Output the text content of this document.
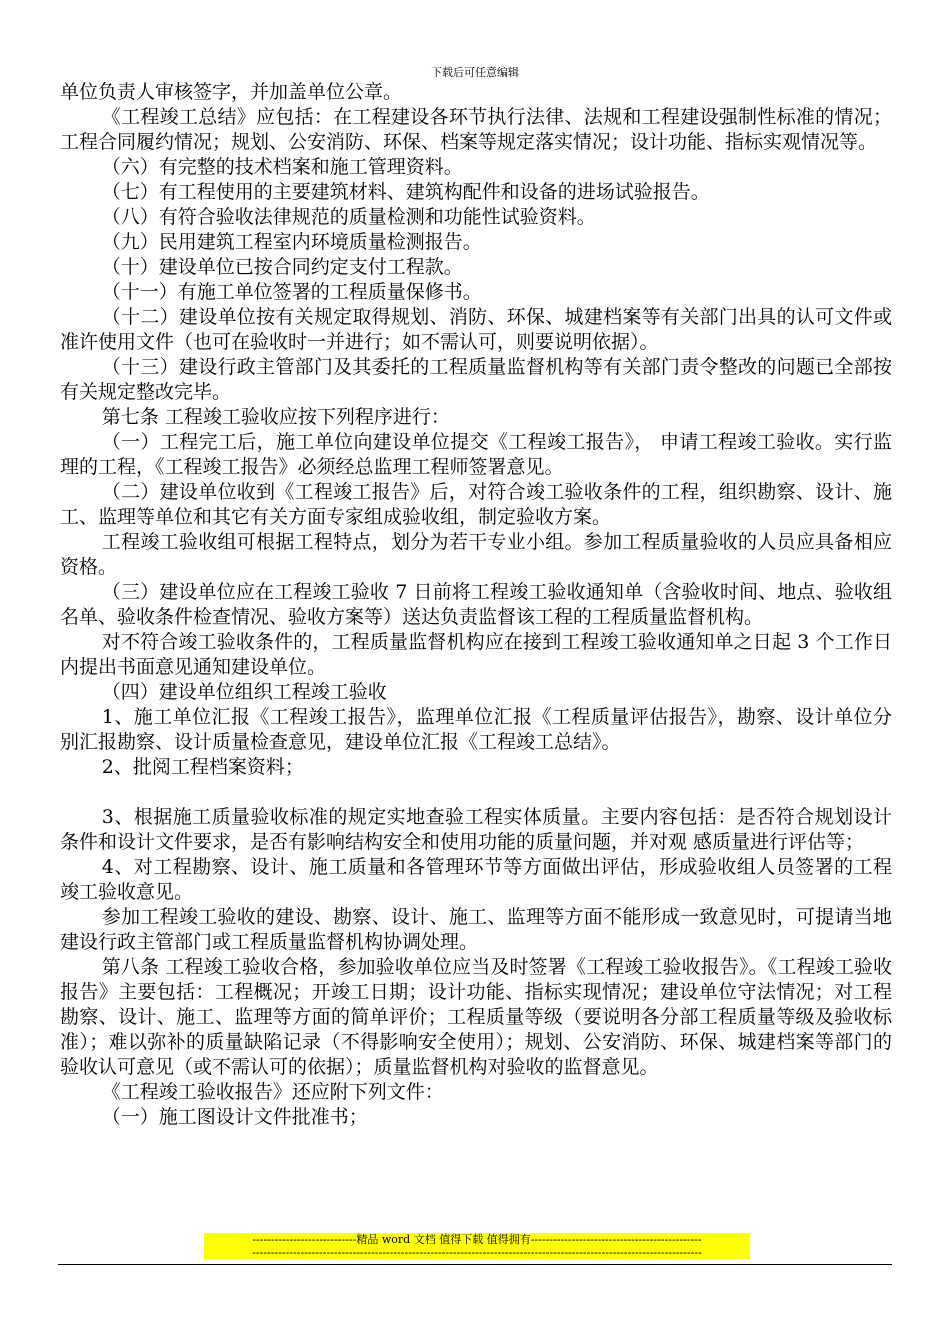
下载后可任意编辑

单位负责人审核签字，并加盖单位公章。

《工程竣工总结》应包括：在工程建设各环节执行法律、法规和工程建设强制性标准的情况；工程合同履约情况；规划、公安消防、环保、档案等规定落实情况；设计功能、指标实观情况等。

（六）有完整的技术档案和施工管理资料。

（七）有工程使用的主要建筑材料、建筑构配件和设备的进场试验报告。

（八）有符合验收法律规范的质量检测和功能性试验资料。

（九）民用建筑工程室内环境质量检测报告。

（十）建设单位已按合同约定支付工程款。

（十一）有施工单位签署的工程质量保修书。

（十二）建设单位按有关规定取得规划、消防、环保、城建档案等有关部门出具的认可文件或准许使用文件（也可在验收时一并进行；如不需认可，则要说明依据）。

（十三）建设行政主管部门及其委托的工程质量监督机构等有关部门责令整改的问题已全部按有关规定整改完毕。

第七条 工程竣工验收应按下列程序进行：

（一）工程完工后，施工单位向建设单位提交《工程竣工报告》， 申请工程竣工验收。实行监理的工程，《工程竣工报告》必须经总监理工程师签署意见。

（二）建设单位收到《工程竣工报告》后，对符合竣工验收条件的工程，组织勘察、设计、施工、监理等单位和其它有关方面专家组成验收组，制定验收方案。

工程竣工验收组可根据工程特点，划分为若干专业小组。参加工程质量验收的人员应具备相应资格。

（三）建设单位应在工程竣工验收 7 日前将工程竣工验收通知单（含验收时间、地点、验收组名单、验收条件检查情况、验收方案等）送达负责监督该工程的工程质量监督机构。

对不符合竣工验收条件的，工程质量监督机构应在接到工程竣工验收通知单之日起 3 个工作日内提出书面意见通知建设单位。

（四）建设单位组织工程竣工验收

1、施工单位汇报《工程竣工报告》，监理单位汇报《工程质量评估报告》，勘察、设计单位分别汇报勘察、设计质量检查意见，建设单位汇报《工程竣工总结》。

2、批阅工程档案资料；

3、根据施工质量验收标准的规定实地查验工程实体质量。主要内容包括：是否符合规划设计条件和设计文件要求，是否有影响结构安全和使用功能的质量问题，并对观 感质量进行评估等；

4、对工程勘察、设计、施工质量和各管理环节等方面做出评估，形成验收组人员签署的工程竣工验收意见。

参加工程竣工验收的建设、勘察、设计、施工、监理等方面不能形成一致意见时，可提请当地建设行政主管部门或工程质量监督机构协调处理。

第八条 工程竣工验收合格，参加验收单位应当及时签署《工程竣工验收报告》。《工程竣工验收报告》主要包括：工程概况；开竣工日期；设计功能、指标实现情况；建设单位守法情况；对工程勘察、设计、施工、监理等方面的简单评价；工程质量等级（要说明各分部工程质量等级及验收标准）；难以弥补的质量缺陷记录（不得影响安全使用）；规划、公安消防、环保、城建档案等部门的验收认可意见（或不需认可的依据）；质量监督机构对验收的监督意见。

《工程竣工验收报告》还应附下列文件：

（一）施工图设计文件批准书；

----------------------------精品 word 文档 值得下载 值得拥有----------------------------------------------
-------------------------------------------------------------------------------------------------------------------------
